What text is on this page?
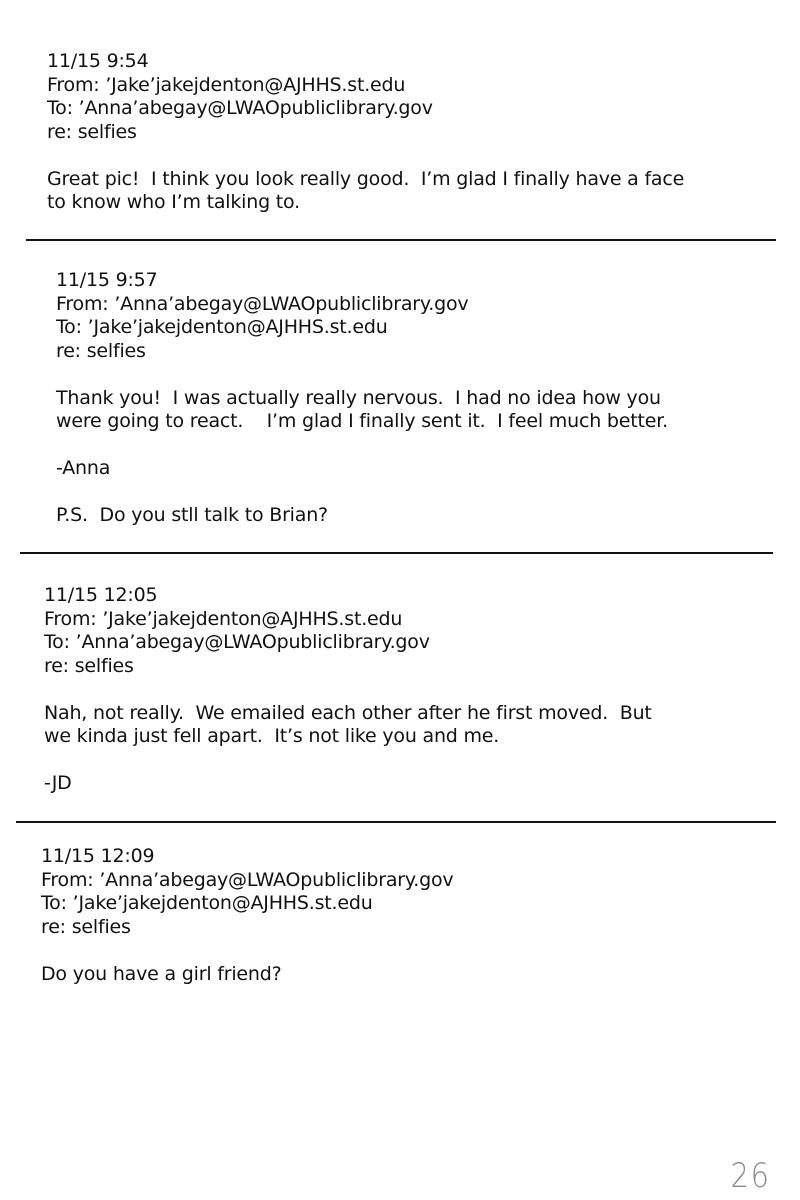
11/15 9:54
From: ’Jake’jakejdenton@AJHHS.st.edu
To: ’Anna’abegay@LWAOpubliclibrary.gov
re: selfies
Great pic!  I think you look really good.  I’m glad I finally have a face
to know who I’m talking to.
11/15 9:57
From: ’Anna’abegay@LWAOpubliclibrary.gov
To: ’Jake’jakejdenton@AJHHS.st.edu
re: selfies
Thank you!  I was actually really nervous.  I had no idea how you
were going to react.    I’m glad I finally sent it.  I feel much better.
-Anna
P.S.  Do you stll talk to Brian?
11/15 12:05
From: ’Jake’jakejdenton@AJHHS.st.edu
To: ’Anna’abegay@LWAOpubliclibrary.gov
re: selfies
Nah, not really.  We emailed each other after he first moved.  But
we kinda just fell apart.  It’s not like you and me.
-JD
11/15 12:09
From: ’Anna’abegay@LWAOpubliclibrary.gov
To: ’Jake’jakejdenton@AJHHS.st.edu
re: selfies
Do you have a girl friend?
26
